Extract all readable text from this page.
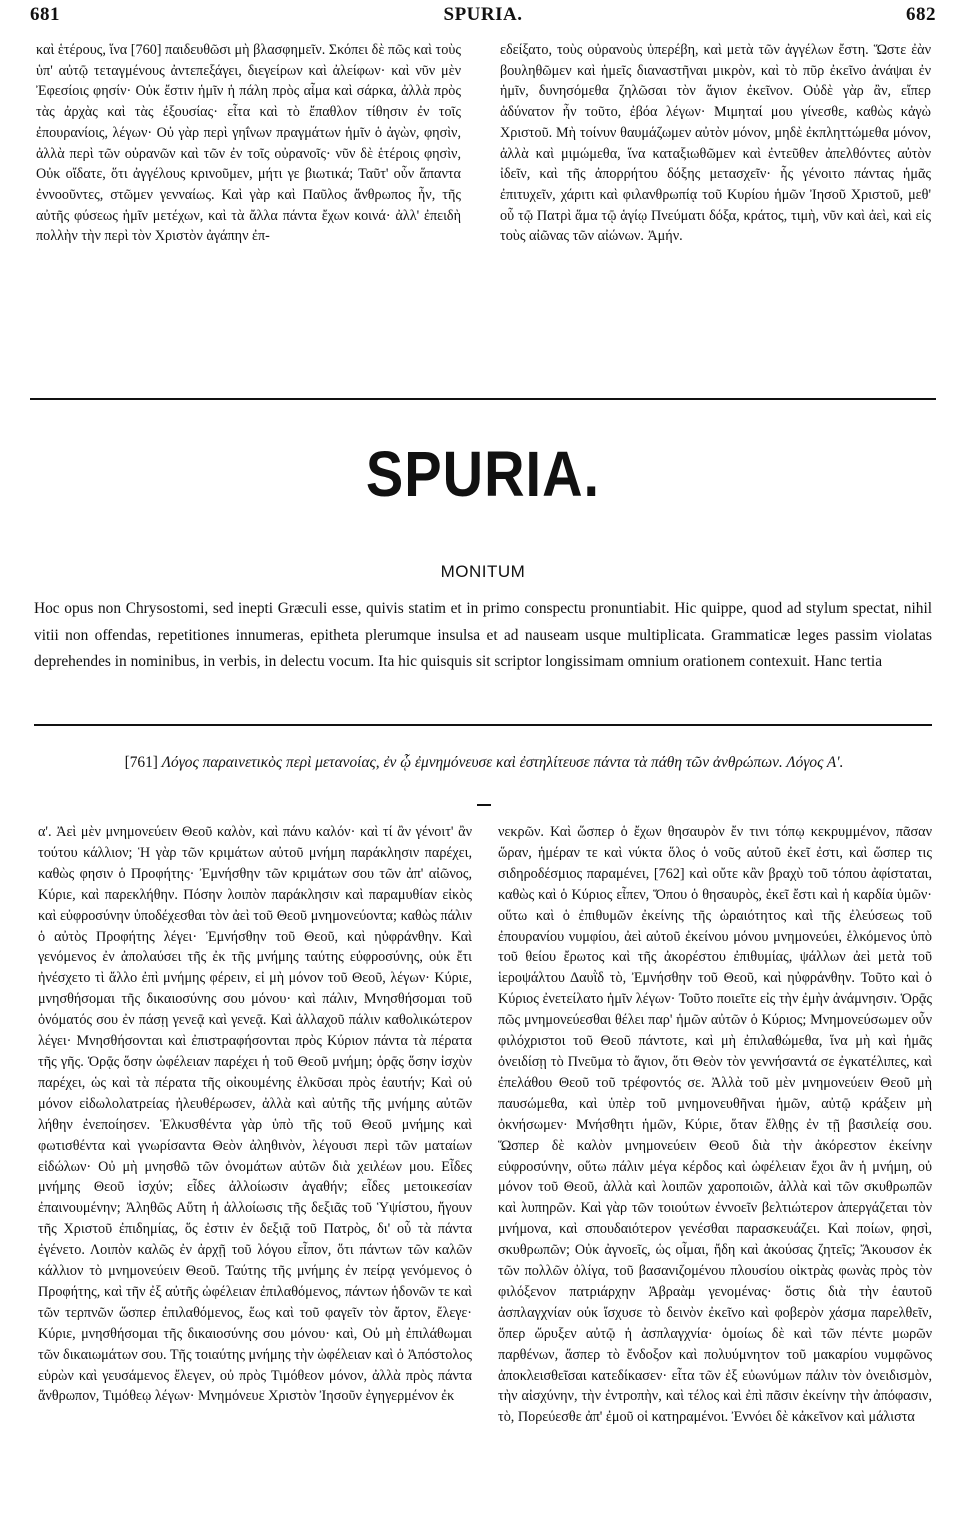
681	SPURIA.	682

καὶ ἑτέρους, ἵνα [760] παιδευθῶσι μὴ βλασφημεῖν. Σκόπει δὲ πῶς καὶ τοὺς ὑπ' αὐτῷ τεταγμένους ἀντεπεξάγει, διεγείρων καὶ ἀλείφων· καὶ νῦν μὲν Ἐφεσίοις φησίν· Οὐκ ἔστιν ἡμῖν ἡ πάλη πρὸς αἷμα καὶ σάρκα, ἀλλὰ πρὸς τὰς ἀρχὰς καὶ τὰς ἐξουσίας· εἶτα καὶ τὸ ἔπαθλον τίθησιν ἐν τοῖς ἐπουρανίοις, λέγων· Οὐ γὰρ περὶ γηΐνων πραγμάτων ἡμῖν ὁ ἀγὼν, φησὶν, ἀλλὰ περὶ τῶν οὐρανῶν καὶ τῶν ἐν τοῖς οὐρανοῖς· νῦν δὲ ἑτέροις φησὶν, Οὐκ οἴδατε, ὅτι ἀγγέλους κρινοῦμεν, μήτι γε βιωτικά; Ταῦτ' οὖν ἅπαντα ἐννοοῦντες, στῶμεν γενναίως. Καὶ γὰρ καὶ Παῦλος ἄνθρωπος ἦν, τῆς αὐτῆς φύσεως ἡμῖν μετέχων, καὶ τὰ ἄλλα πάντα ἔχων κοινά· ἀλλ' ἐπειδὴ πολλὴν τὴν περὶ τὸν Χριστὸν ἀγάπην ἐπ-

εδείξατο, τοὺς οὐρανοὺς ὑπερέβη, καὶ μετὰ τῶν ἀγγέλων ἔστη. Ὥστε ἐὰν βουληθῶμεν καὶ ἡμεῖς διαναστῆναι μικρὸν, καὶ τὸ πῦρ ἐκεῖνο ἀνάψαι ἐν ἡμῖν, δυνησόμεθα ζηλῶσαι τὸν ἅγιον ἐκεῖνον. Οὐδὲ γὰρ ἂν, εἴπερ ἀδύνατον ἦν τοῦτο, ἐβόα λέγων· Μιμηταί μου γίνεσθε, καθὼς κἀγὼ Χριστοῦ. Μὴ τοίνυν θαυμάζωμεν αὐτὸν μόνον, μηδὲ ἐκπληττώμεθα μόνον, ἀλλὰ καὶ μιμώμεθα, ἵνα καταξιωθῶμεν καὶ ἐντεῦθεν ἀπελθόντες αὐτὸν ἰδεῖν, καὶ τῆς ἀπορρήτου δόξης μετασχεῖν· ἧς γένοιτο πάντας ἡμᾶς ἐπιτυχεῖν, χάριτι καὶ φιλανθρωπίᾳ τοῦ Κυρίου ἡμῶν Ἰησοῦ Χριστοῦ, μεθ' οὗ τῷ Πατρὶ ἅμα τῷ ἁγίῳ Πνεύματι δόξα, κράτος, τιμὴ, νῦν καὶ ἀεὶ, καὶ εἰς τοὺς αἰῶνας τῶν αἰώνων. Ἀμήν.

SPURIA.
MONITUM
Hoc opus non Chrysostomi, sed inepti Græculi esse, quivis statim et in primo conspectu pronuntiabit. Hic quippe, quod ad stylum spectat, nihil vitii non offendas, repetitiones innumeras, epitheta plerumque insulsa et ad nauseam usque multiplicata. Grammaticæ leges passim violatas deprehendes in nominibus, in verbis, in delectu vocum. Ita hic quisquis sit scriptor longissimam omnium orationem contexuit. Hanc tertia
[761] Λόγος παραινετικὸς περὶ μετανοίας, ἐν ᾧ ἐμνημόνευσε καὶ ἐστηλίτευσε πάντα τὰ πάθη τῶν ἀνθρώπων. Λόγος Α'.

α'. Ἀεὶ μὲν μνημονεύειν Θεοῦ καλὸν, καὶ πάνυ καλόν· καὶ τί ἂν γένοιτ' ἂν τούτου κάλλιον; Ἡ γὰρ τῶν κριμάτων αὐτοῦ μνήμη παράκλησιν παρέχει, καθὼς φησιν ὁ Προφήτης· Ἐμνήσθην τῶν κριμάτων σου τῶν ἀπ' αἰῶνος, Κύριε, καὶ παρεκλήθην. Πόσην λοιπὸν παράκλησιν καὶ παραμυθίαν εἰκὸς καὶ εὐφροσύνην ὑποδέχεσθαι τὸν ἀεὶ τοῦ Θεοῦ μνημονεύοντα; καθὼς πάλιν ὁ αὐτὸς Προφήτης λέγει· Ἐμνήσθην τοῦ Θεοῦ, καὶ ηὐφράνθην. Καὶ γενόμενος ἐν ἀπολαύσει τῆς ἐκ τῆς μνήμης ταύτης εὐφροσύνης, οὐκ ἔτι ἠνέσχετο τὶ ἄλλο ἐπὶ μνήμης φέρειν, εἰ μὴ μόνον τοῦ Θεοῦ, λέγων· Κύριε, μνησθήσομαι τῆς δικαιοσύνης σου μόνου· καὶ πάλιν, Μνησθήσομαι τοῦ ὀνόματός σου ἐν πάσῃ γενεᾷ καὶ γενεᾷ. Καὶ ἀλλαχοῦ πάλιν καθολικώτερον λέγει· Μνησθήσονται καὶ ἐπιστραφήσονται πρὸς Κύριον πάντα τὰ πέρατα τῆς γῆς. Ὁρᾷς ὅσην ὠφέλειαν παρέχει ἡ τοῦ Θεοῦ μνήμη; ὁρᾷς ὅσην ἰσχὺν παρέχει, ὡς καὶ τὰ πέρατα τῆς οἰκουμένης ἑλκῦσαι πρὸς ἑαυτήν; Καὶ οὐ μόνον εἰδωλολατρείας ἠλευθέρωσεν, ἀλλὰ καὶ αὐτῆς τῆς μνήμης αὐτῶν λήθην ἐνεποίησεν. Ἑλκυσθέντα γὰρ ὑπὸ τῆς τοῦ Θεοῦ μνήμης καὶ φωτισθέντα καὶ γνωρίσαντα Θεὸν ἀληθινὸν, λέγουσι περὶ τῶν ματαίων εἰδώλων· Οὐ μὴ μνησθῶ τῶν ὀνομάτων αὐτῶν διὰ χειλέων μου. Εἶδες μνήμης Θεοῦ ἰσχύν; εἶδες ἀλλοίωσιν ἀγαθήν; εἶδες μετοικεσίαν ἐπαινουμένην; Ἀληθῶς Αὕτη ἡ ἀλλοίωσις τῆς δεξιᾶς τοῦ Ὑψίστου, ἤγουν τῆς Χριστοῦ ἐπιδημίας, ὅς ἐστιν ἐν δεξιᾷ τοῦ Πατρὸς, δι' οὗ τὰ πάντα ἐγένετο. Λοιπὸν καλῶς ἐν ἀρχῇ τοῦ λόγου εἶπον, ὅτι πάντων τῶν καλῶν κάλλιον τὸ μνημονεύειν Θεοῦ. Ταύτης τῆς μνήμης ἐν πείρᾳ γενόμενος ὁ Προφήτης, καὶ τῆν ἐξ αὐτῆς ὠφέλειαν ἐπιλαθόμενος, πάντων ἡδονῶν τε καὶ τῶν τερπνῶν ὥσπερ ἐπιλαθόμενος, ἕως καὶ τοῦ φαγεῖν τὸν ἄρτον, ἔλεγε· Κύριε, μνησθήσομαι τῆς δικαιοσύνης σου μόνου· καὶ, Οὐ μὴ ἐπιλάθωμαι τῶν δικαιωμάτων σου. Τῆς τοιαύτης μνήμης τὴν ὠφέλειαν καὶ ὁ Ἀπόστολος εὑρὼν καὶ γευσάμενος ἔλεγεν, οὐ πρὸς Τιμόθεον μόνον, ἀλλὰ πρὸς πάντα ἄνθρωπον, Τιμόθεῳ λέγων· Μνημόνευε Χριστὸν Ἰησοῦν ἐγηγερμένον ἐκ

νεκρῶν. Καὶ ὥσπερ ὁ ἔχων θησαυρὸν ἔν τινι τόπῳ κεκρυμμένον, πᾶσαν ὥραν, ἡμέραν τε καὶ νύκτα ὅλος ὁ νοῦς αὐτοῦ ἐκεῖ ἐστι, καὶ ὥσπερ τις σιδηροδέσμιος παραμένει, [762] καὶ οὔτε κἂν βραχὺ τοῦ τόπου ἀφίσταται, καθὼς καὶ ὁ Κύριος εἶπεν, Ὅπου ὁ θησαυρὸς, ἐκεῖ ἔστι καὶ ἡ καρδία ὑμῶν· οὕτω καὶ ὁ ἐπιθυμῶν ἐκείνης τῆς ὡραιότητος καὶ τῆς ἐλεύσεως τοῦ ἐπουρανίου νυμφίου, ἀεὶ αὐτοῦ ἐκείνου μόνου μνημονεύει, ἑλκόμενος ὑπὸ τοῦ θείου ἔρωτος καὶ τῆς ἀκορέστου ἐπιθυμίας, ψάλλων ἀεὶ μετὰ τοῦ ἱεροψάλτου Δαυῒδ τὸ, Ἐμνήσθην τοῦ Θεοῦ, καὶ ηὐφράνθην. Τοῦτο καὶ ὁ Κύριος ἐνετείλατο ἡμῖν λέγων· Τοῦτο ποιεῖτε εἰς τὴν ἐμὴν ἀνάμνησιν. Ὁρᾷς πῶς μνημονεύεσθαι θέλει παρ' ἡμῶν αὐτῶν ὁ Κύριος; Μνημονεύσωμεν οὖν φιλόχριστοι τοῦ Θεοῦ πάντοτε, καὶ μὴ ἐπιλαθώμεθα, ἵνα μὴ καὶ ἡμᾶς ὀνειδίσῃ τὸ Πνεῦμα τὸ ἅγιον, ὅτι Θεὸν τὸν γεννήσαντά σε ἐγκατέλιπες, καὶ ἐπελάθου Θεοῦ τοῦ τρέφοντός σε. Ἀλλὰ τοῦ μὲν μνημονεύειν Θεοῦ μὴ παυσώμεθα, καὶ ὑπὲρ τοῦ μνημονευθῆναι ἡμῶν, αὐτῷ κράξειν μὴ ὀκνήσωμεν· Μνήσθητι ἡμῶν, Κύριε, ὅταν ἔλθῃς ἐν τῇ βασιλείᾳ σου. Ὥσπερ δὲ καλὸν μνημονεύειν Θεοῦ διὰ τὴν ἀκόρεστον ἐκείνην εὐφροσύνην, οὕτω πάλιν μέγα κέρδος καὶ ὠφέλειαν ἔχοι ἂν ἡ μνήμη, οὐ μόνον τοῦ Θεοῦ, ἀλλὰ καὶ λοιπῶν χαροποιῶν, ἀλλὰ καὶ τῶν σκυθρωπῶν καὶ λυπηρῶν. Καὶ γὰρ τῶν τοιούτων ἐννοεῖν βελτιώτερον ἀπεργάζεται τὸν μνήμονα, καὶ σπουδαιότερον γενέσθαι παρασκευάζει. Καὶ ποίων, φησὶ, σκυθρωπῶν; Οὐκ ἀγνοεῖς, ὡς οἶμαι, ἤδη καὶ ἀκούσας ζητεῖς; Ἄκουσον ἐκ τῶν πολλῶν ὀλίγα, τοῦ βασανιζομένου πλουσίου οἰκτρὰς φωνὰς πρὸς τὸν φιλόξενον πατριάρχην Ἀβραὰμ γενομένας· ὅστις διὰ τὴν ἑαυτοῦ ἀσπλαγχνίαν οὐκ ἴσχυσε τὸ δεινὸν ἐκεῖνο καὶ φοβερὸν χάσμα παρελθεῖν, ὅπερ ὤρυξεν αὐτῷ ἡ ἀσπλαγχνία· ὁμοίως δὲ καὶ τῶν πέντε μωρῶν παρθένων, ἅσπερ τὸ ἔνδοξον καὶ πολυύμνητον τοῦ μακαρίου νυμφῶνος ἀποκλεισθεῖσαι κατεδίκασεν· εἶτα τῶν ἐξ εὐωνύμων πάλιν τὸν ὀνειδισμὸν, τὴν αἰσχύνην, τὴν ἐντροπὴν, καὶ τέλος καὶ ἐπὶ πᾶσιν ἐκείνην τὴν ἀπόφασιν, τὸ, Πορεύεσθε ἀπ' ἐμοῦ οἱ κατηραμένοι. Ἐννόει δὲ κἀκεῖνον καὶ μάλιστα
